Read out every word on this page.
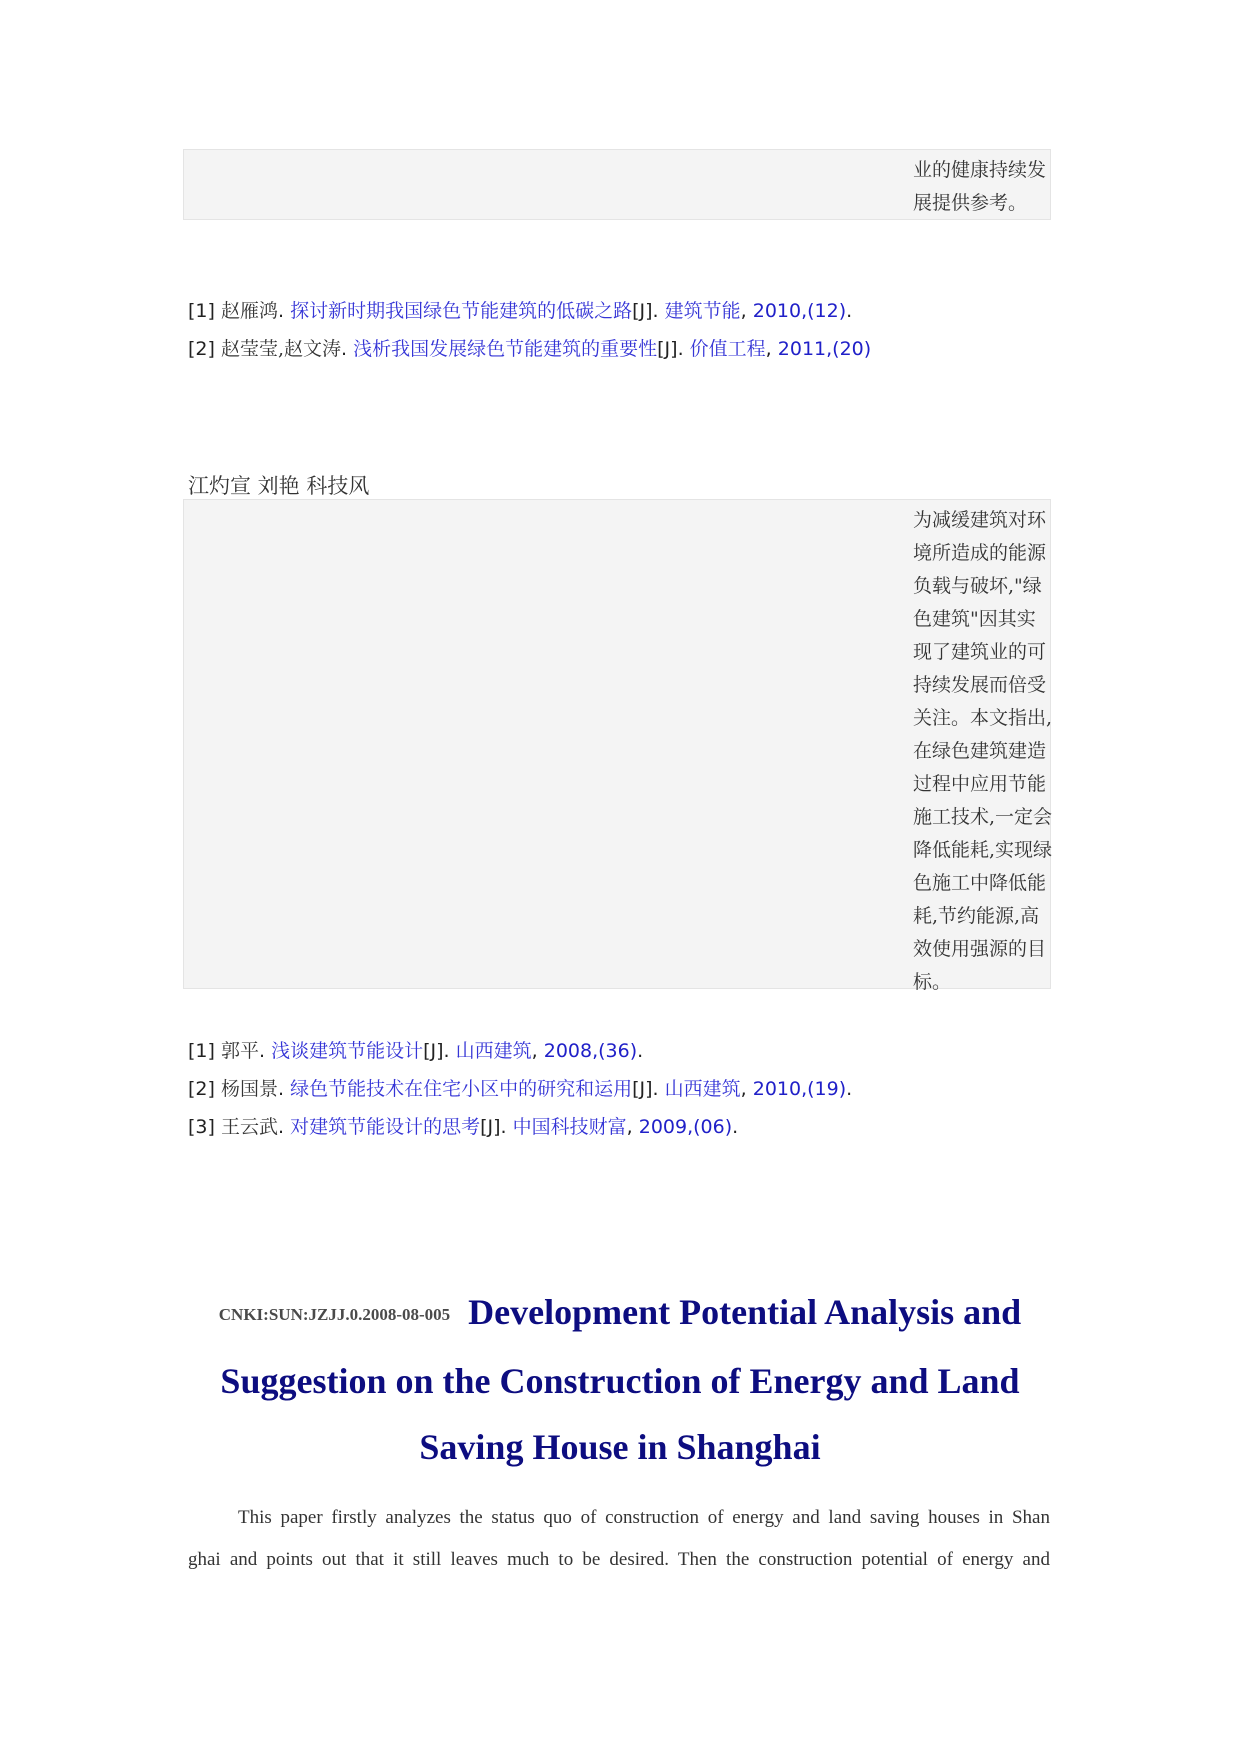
业的健康持续发
展提供参考。
[1] 赵雁鸿. 探讨新时期我国绿色节能建筑的低碳之路[J]. 建筑节能, 2010,(12).
[2] 赵莹莹,赵文涛. 浅析我国发展绿色节能建筑的重要性[J]. 价值工程, 2011,(20)
江灼宣 刘艳 科技风
为减缓建筑对环
境所造成的能源
负载与破坏,"绿
色建筑"因其实
现了建筑业的可
持续发展而倍受
关注。本文指出,
在绿色建筑建造
过程中应用节能
施工技术,一定会
降低能耗,实现绿
色施工中降低能
耗,节约能源,高
效使用强源的目
标。
[1] 郭平. 浅谈建筑节能设计[J]. 山西建筑, 2008,(36).
[2] 杨国景. 绿色节能技术在住宅小区中的研究和运用[J]. 山西建筑, 2010,(19).
[3] 王云武. 对建筑节能设计的思考[J]. 中国科技财富, 2009,(06).
CNKI:SUN:JZJJ.0.2008-08-005 Development Potential Analysis and
Suggestion on the Construction of Energy and Land
Saving House in Shanghai
This paper firstly analyzes the status quo of construction of energy and land saving houses in Shan
ghai and points out that it still leaves much to be desired. Then the construction potential of energy and
